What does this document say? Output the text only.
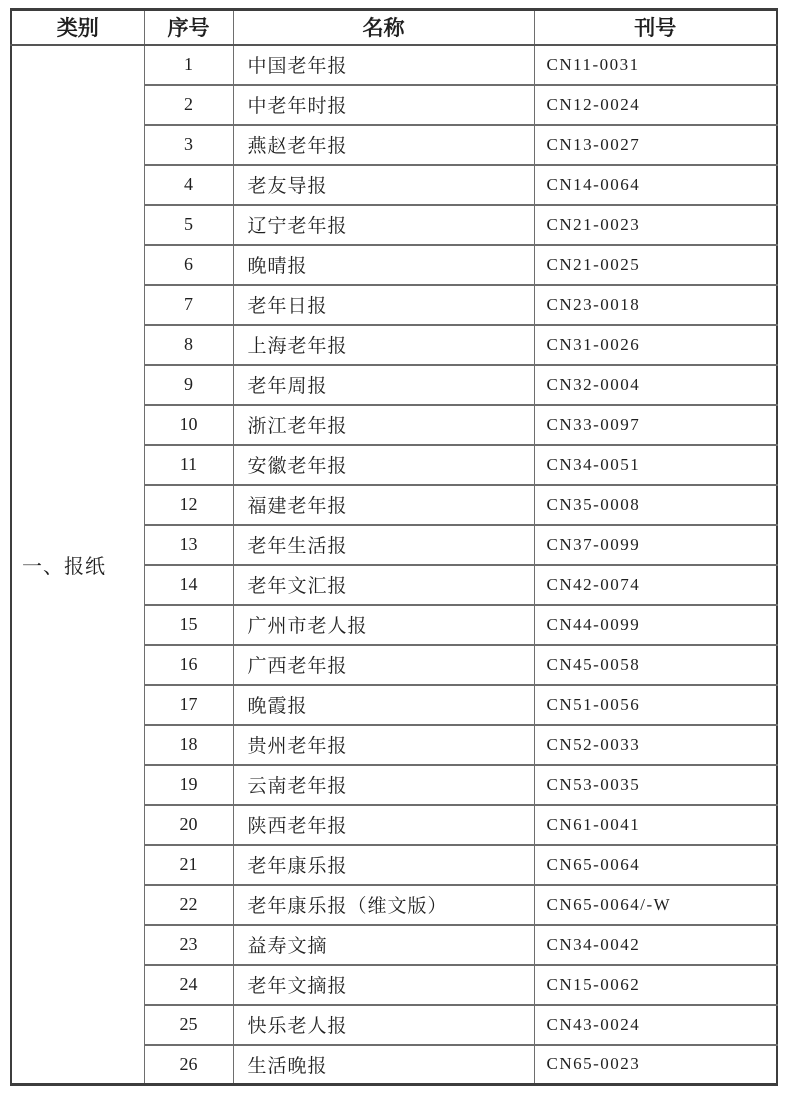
类别	序号	名称	刊号
一、报纸	1	中国老年报	CN11-0031
	2	中老年时报	CN12-0024
	3	燕赵老年报	CN13-0027
	4	老友导报	CN14-0064
	5	辽宁老年报	CN21-0023
	6	晚晴报	CN21-0025
	7	老年日报	CN23-0018
	8	上海老年报	CN31-0026
	9	老年周报	CN32-0004
	10	浙江老年报	CN33-0097
	11	安徽老年报	CN34-0051
	12	福建老年报	CN35-0008
	13	老年生活报	CN37-0099
	14	老年文汇报	CN42-0074
	15	广州市老人报	CN44-0099
	16	广西老年报	CN45-0058
	17	晚霞报	CN51-0056
	18	贵州老年报	CN52-0033
	19	云南老年报	CN53-0035
	20	陕西老年报	CN61-0041
	21	老年康乐报	CN65-0064
	22	老年康乐报（维文版）	CN65-0064/-W
	23	益寿文摘	CN34-0042
	24	老年文摘报	CN15-0062
	25	快乐老人报	CN43-0024
	26	生活晚报	CN65-0023
